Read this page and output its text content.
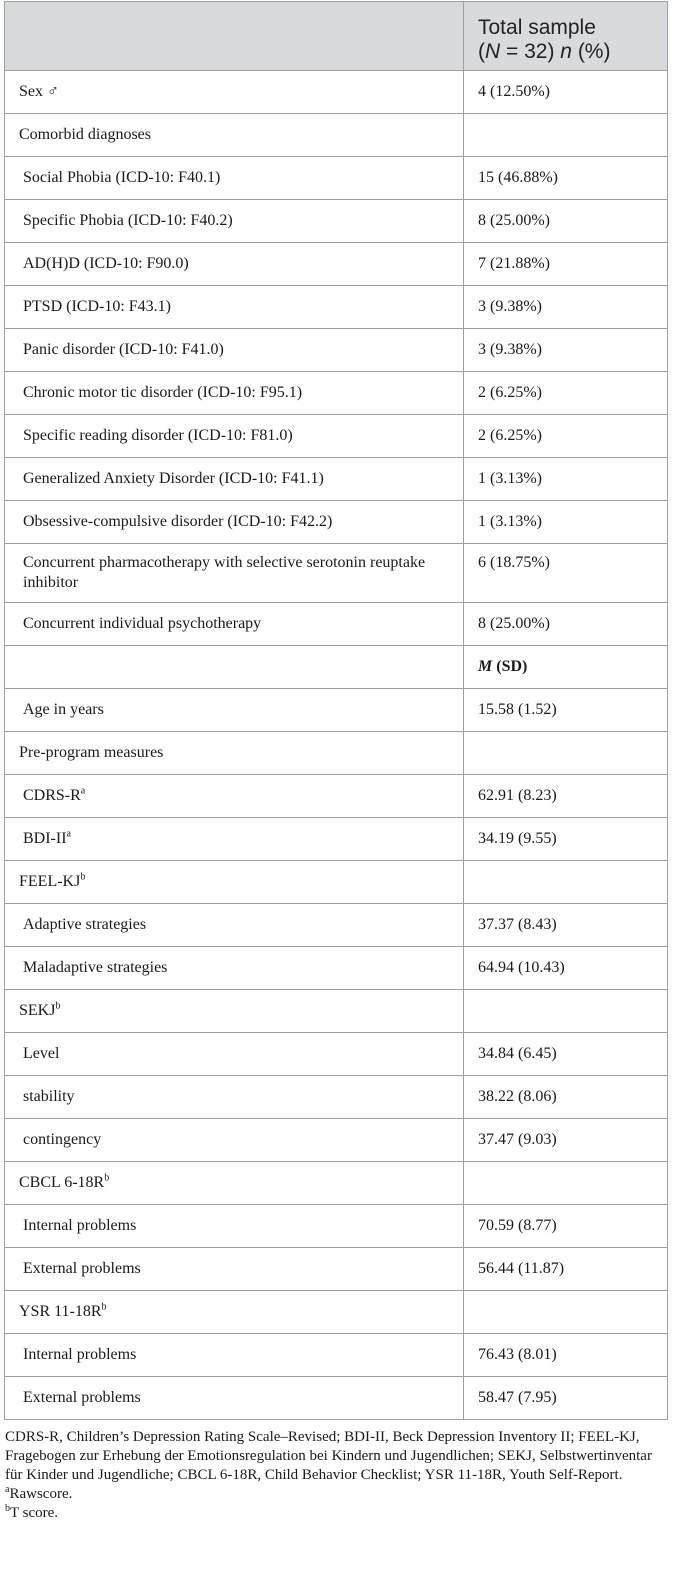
	Total sample
(N = 32) n (%)
Sex ♂	4 (12.50%)
Comorbid diagnoses	
Social Phobia (ICD-10: F40.1)	15 (46.88%)
Specific Phobia (ICD-10: F40.2)	8 (25.00%)
AD(H)D (ICD-10: F90.0)	7 (21.88%)
PTSD (ICD-10: F43.1)	3 (9.38%)
Panic disorder (ICD-10: F41.0)	3 (9.38%)
Chronic motor tic disorder (ICD-10: F95.1)	2 (6.25%)
Specific reading disorder (ICD-10: F81.0)	2 (6.25%)
Generalized Anxiety Disorder (ICD-10: F41.1)	1 (3.13%)
Obsessive-compulsive disorder (ICD-10: F42.2)	1 (3.13%)
Concurrent pharmacotherapy with selective serotonin reuptake inhibitor	6 (18.75%)
Concurrent individual psychotherapy	8 (25.00%)
	M (SD)
Age in years	15.58 (1.52)
Pre-program measures	
CDRS-$R^a$	62.91 (8.23)
BDI-$II^a$	34.19 (9.55)
FEEL-$KJ^b$	
Adaptive strategies	37.37 (8.43)
Maladaptive strategies	64.94 (10.43)
SEKJ$^b$	
Level	34.84 (6.45)
stability	38.22 (8.06)
contingency	37.47 (9.03)
CBCL $6-18R^b$	
Internal problems	70.59 (8.77)
External problems	56.44 (11.87)
YSR $11-18R^b$	
Internal problems	76.43 (8.01)
External problems	58.47 (7.95)

CDRS-R, Children’s Depression Rating Scale–Revised; BDI-II, Beck Depression Inventory II; FEEL-KJ, Fragebogen zur Erhebung der Emotionsregulation bei Kindern und Jugendlichen; SEKJ, Selbstwertinventar für Kinder und Jugendliche; CBCL 6-18R, Child Behavior Checklist; YSR 11-18R, Youth Self-Report.

$^a$Rawscore.

$^b$T score.
